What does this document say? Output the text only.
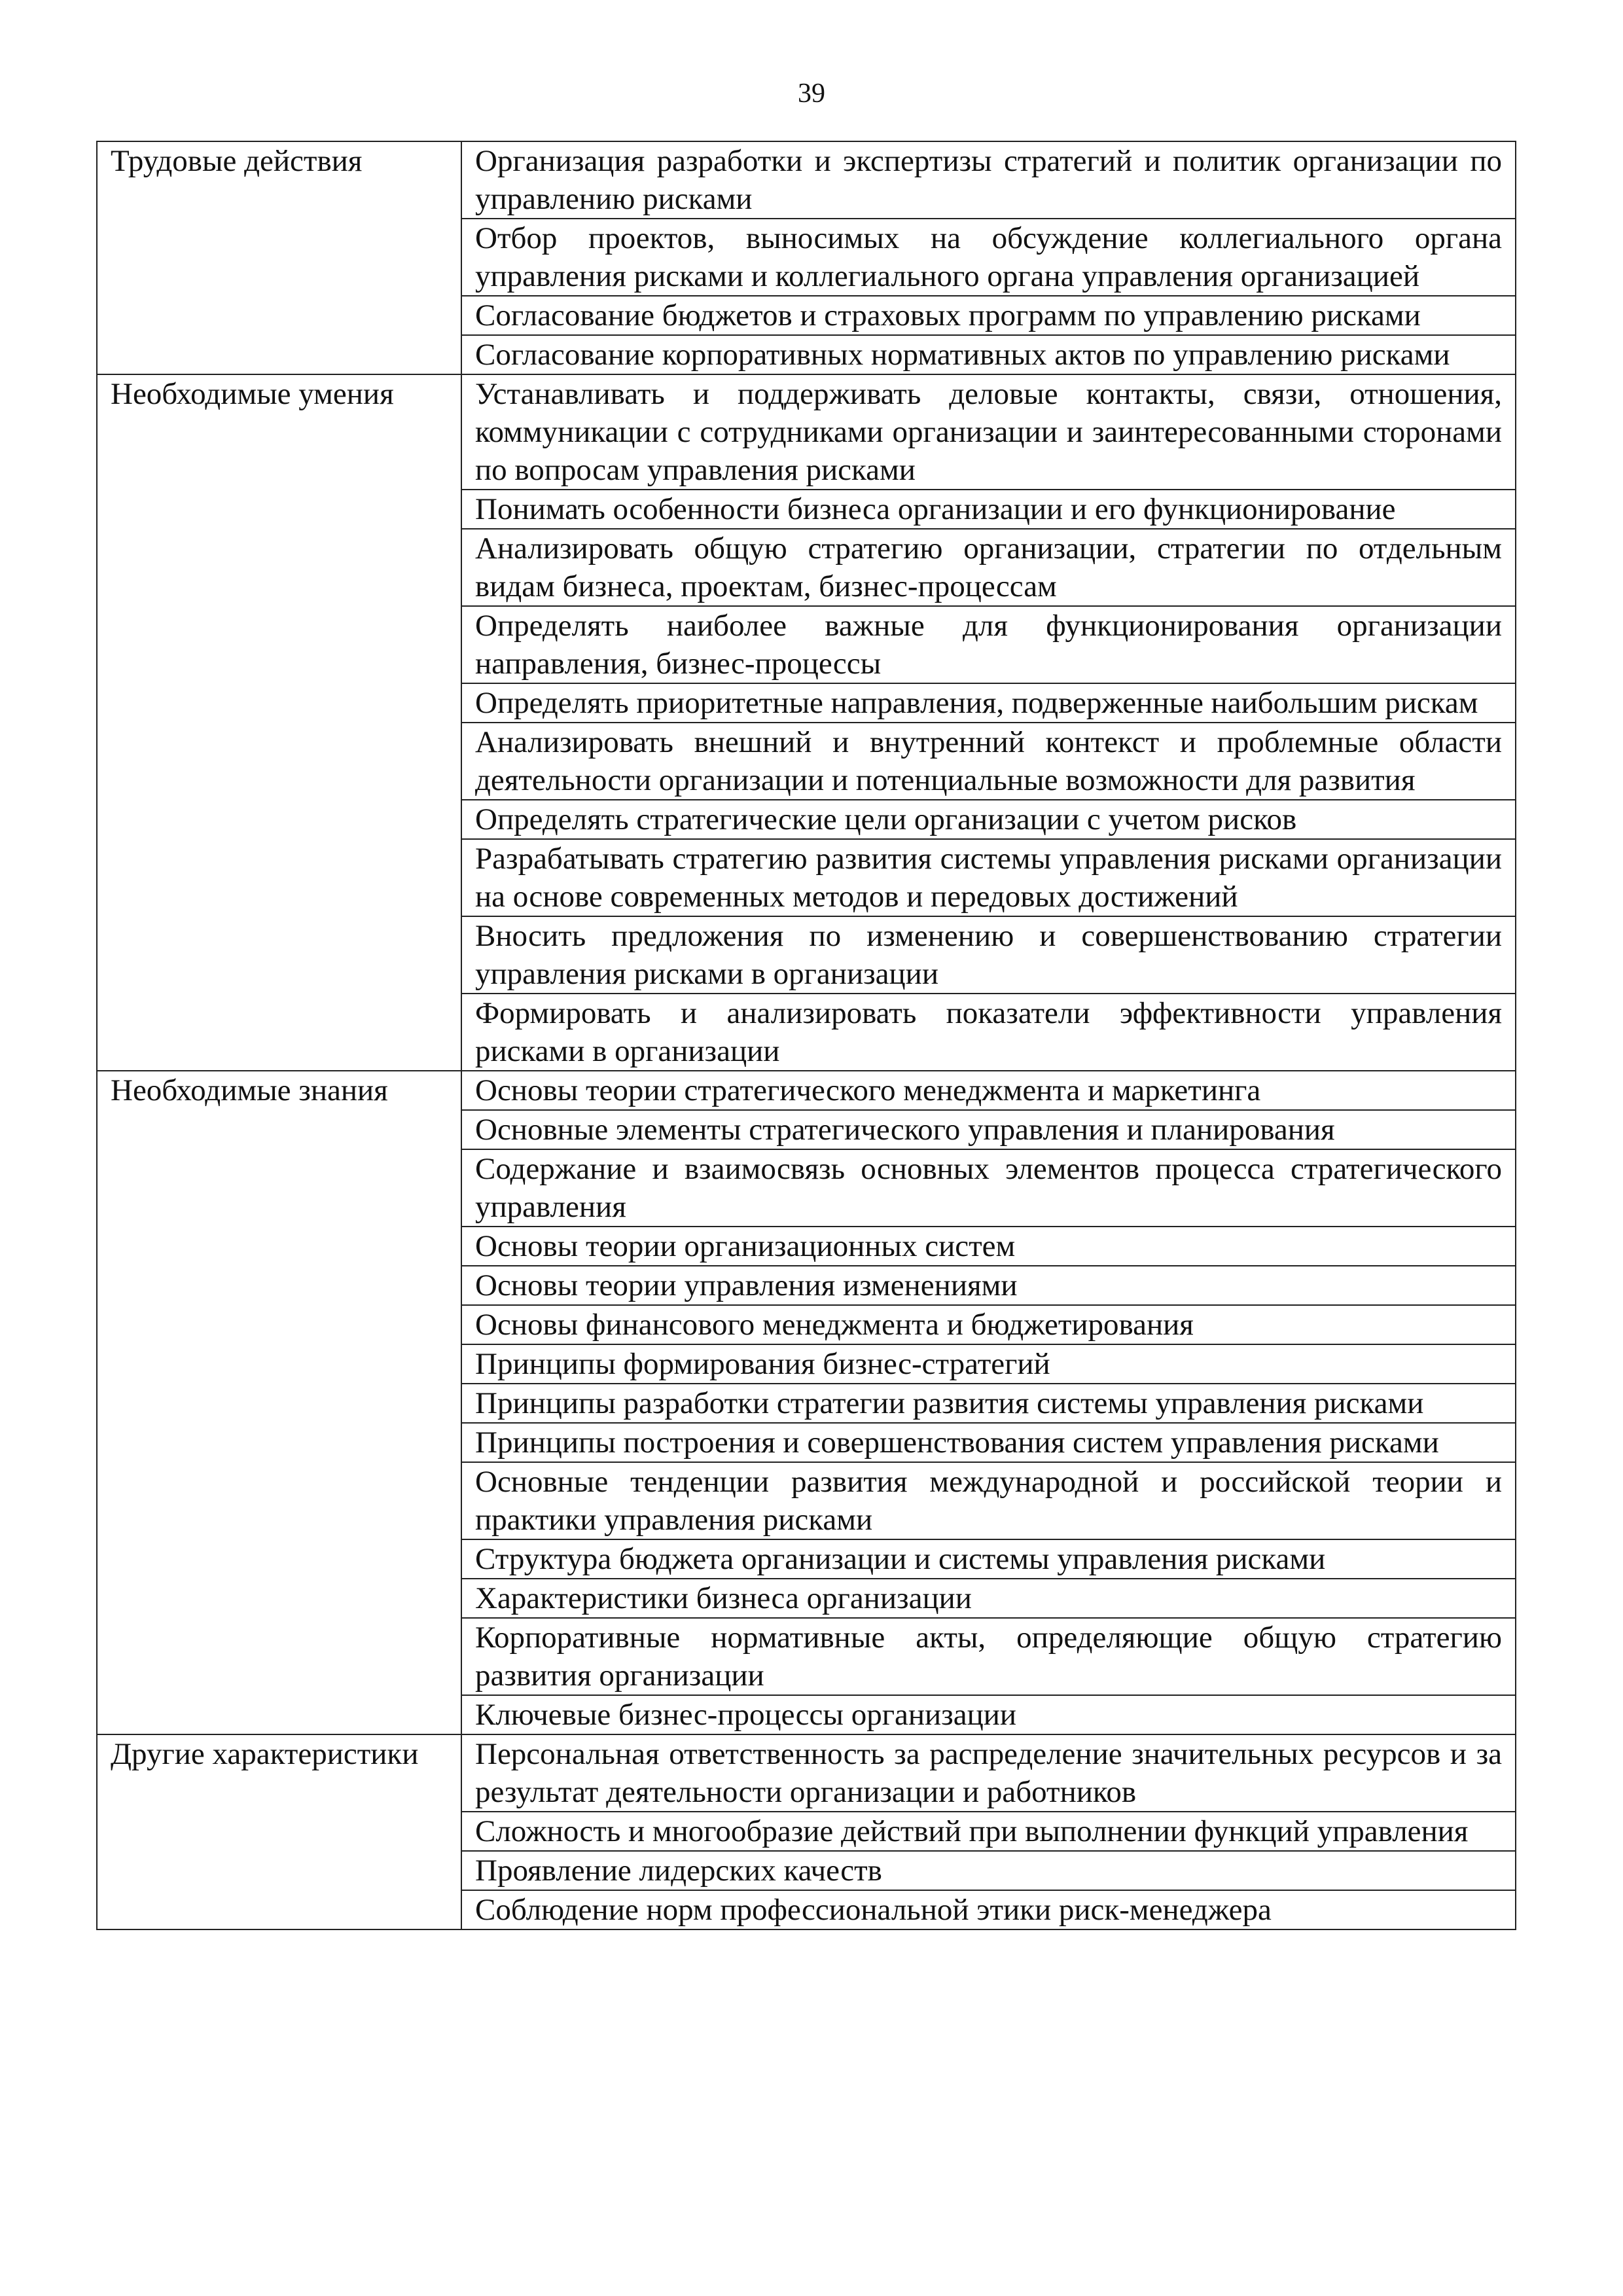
39
Трудовые действия	Организация разработки и экспертизы стратегий и политик организации по управлению рисками
	Отбор проектов, выносимых на обсуждение коллегиального органа управления рисками и коллегиального органа управления организацией
	Согласование бюджетов и страховых программ по управлению рисками
	Согласование корпоративных нормативных актов по управлению рисками
Необходимые умения	Устанавливать и поддерживать деловые контакты, связи, отношения, коммуникации с сотрудниками организации и заинтересованными сторонами по вопросам управления рисками
	Понимать особенности бизнеса организации и его функционирование
	Анализировать общую стратегию организации, стратегии по отдельным видам бизнеса, проектам, бизнес-процессам
	Определять наиболее важные для функционирования организации направления, бизнес-процессы
	Определять приоритетные направления, подверженные наибольшим рискам
	Анализировать внешний и внутренний контекст и проблемные области деятельности организации и потенциальные возможности для развития
	Определять стратегические цели организации с учетом рисков
	Разрабатывать стратегию развития системы управления рисками организации на основе современных методов и передовых достижений
	Вносить предложения по изменению и совершенствованию стратегии управления рисками в организации
	Формировать и анализировать показатели эффективности управления рисками в организации
Необходимые знания	Основы теории стратегического менеджмента и маркетинга
	Основные элементы стратегического управления и планирования
	Содержание и взаимосвязь основных элементов процесса стратегического управления
	Основы теории организационных систем
	Основы теории управления изменениями
	Основы финансового менеджмента и бюджетирования
	Принципы формирования бизнес-стратегий
	Принципы разработки стратегии развития системы управления рисками
	Принципы построения и совершенствования систем управления рисками
	Основные тенденции развития международной и российской теории и практики управления рисками
	Структура бюджета организации и системы управления рисками
	Характеристики бизнеса организации
	Корпоративные нормативные акты, определяющие общую стратегию развития организации
	Ключевые бизнес-процессы организации
Другие характеристики	Персональная ответственность за распределение значительных ресурсов и за результат деятельности организации и работников
	Сложность и многообразие действий при выполнении функций управления
	Проявление лидерских качеств
	Соблюдение норм профессиональной этики риск-менеджера
